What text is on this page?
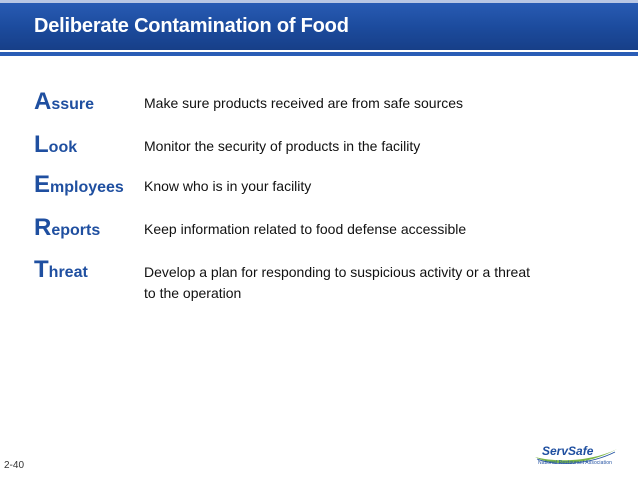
Deliberate Contamination of Food
Assure	Make sure products received are from safe sources
Look	Monitor the security of products in the facility
Employees Know who is in your facility
Reports	Keep information related to food defense accessible
Threat	Develop a plan for responding to suspicious activity or a threat to the operation
2-40
ServSafe
National Restaurant Association
